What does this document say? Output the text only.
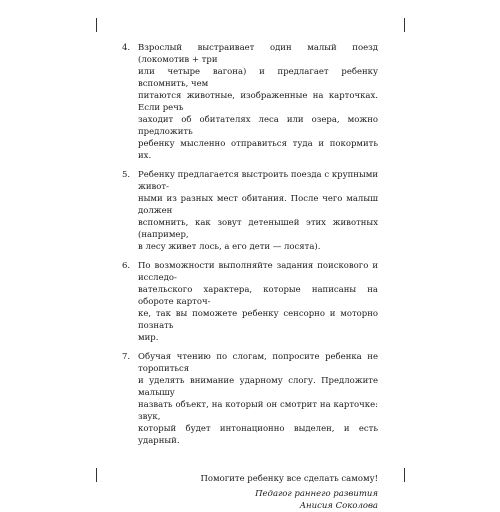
4. Взрослый выстраивает один малый поезд (локомотив + три
или четыре вагона) и предлагает ребенку вспомнить, чем
питаются животные, изображенные на карточках. Если речь
заходит об обитателях леса или озера, можно предложить
ребенку мысленно отправиться туда и покормить их.
5. Ребенку предлагается выстроить поезда с крупными живот-
ными из разных мест обитания. После чего малыш должен
вспомнить, как зовут детенышей этих животных (например,
в лесу живет лось, а его дети — лосята).
6. По возможности выполняйте задания поискового и исследо-
вательского характера, которые написаны на обороте карточ-
ке, так вы поможете ребенку сенсорно и моторно познать
мир.
7. Обучая чтению по слогам, попросите ребенка не торопиться
и уделять внимание ударному слогу. Предложите малышу
назвать объект, на который он смотрит на карточке: звук,
который будет интонационно выделен, и есть ударный.
Помогите ребенку все сделать самому!
Педагог раннего развития
Анисия Соколова
